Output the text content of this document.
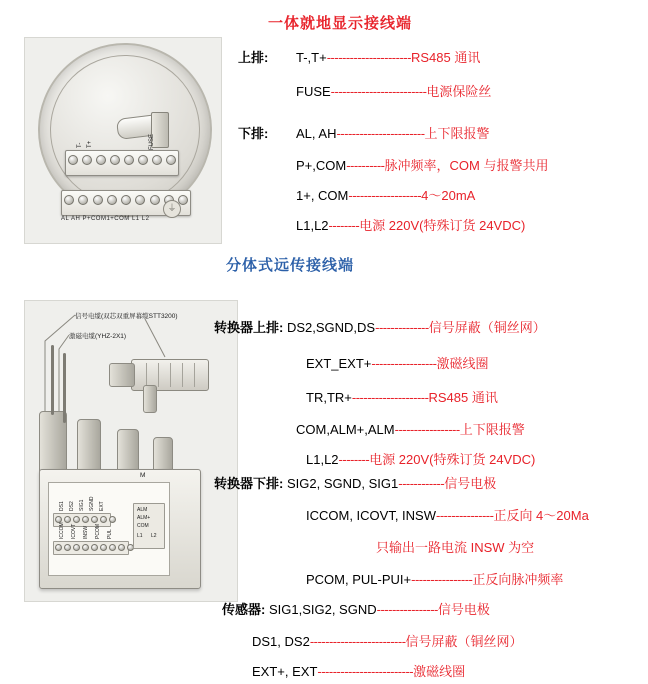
一体就地显示接线端
分体式远传接线端
FUSE
T- T+
AL AH P+COM1+COM L1 L2
⏚
上排: T-,T+----------------------RS485 通讯
FUSE-------------------------电源保险丝
下排: AL, AH-----------------------上下限报警
P+,COM----------脉冲频率，COM 与报警共用
1+, COM-------------------4～20mA
L1,L2--------电源 220V(特殊订货 24VDC)
信号电缆(双芯双重屏幕缆STT3200)
激磁电缆(YHZ-2X1)
DS1 DS2 SIG1 SGND EXT
ICCOM ICOVT INSW PCOM PUL
ALM
ALM+
COM
L1 L2
M
转换器上排: DS2,SGND,DS--------------信号屏蔽（铜丝网）
EXT_EXT+-----------------激磁线圈
TR,TR+--------------------RS485 通讯
COM,ALM+,ALM-----------------上下限报警
L1,L2--------电源 220V(特殊订货 24VDC)
转换器下排: SIG2, SGND, SIG1------------信号电极
ICCOM, ICOVT, INSW---------------正反向 4～20Ma
只输出一路电流 INSW 为空
PCOM, PUL-PUI+----------------正反向脉冲频率
传感器: SIG1,SIG2, SGND----------------信号电极
DS1, DS2-------------------------信号屏蔽（铜丝网）
EXT+, EXT-------------------------激磁线圈
